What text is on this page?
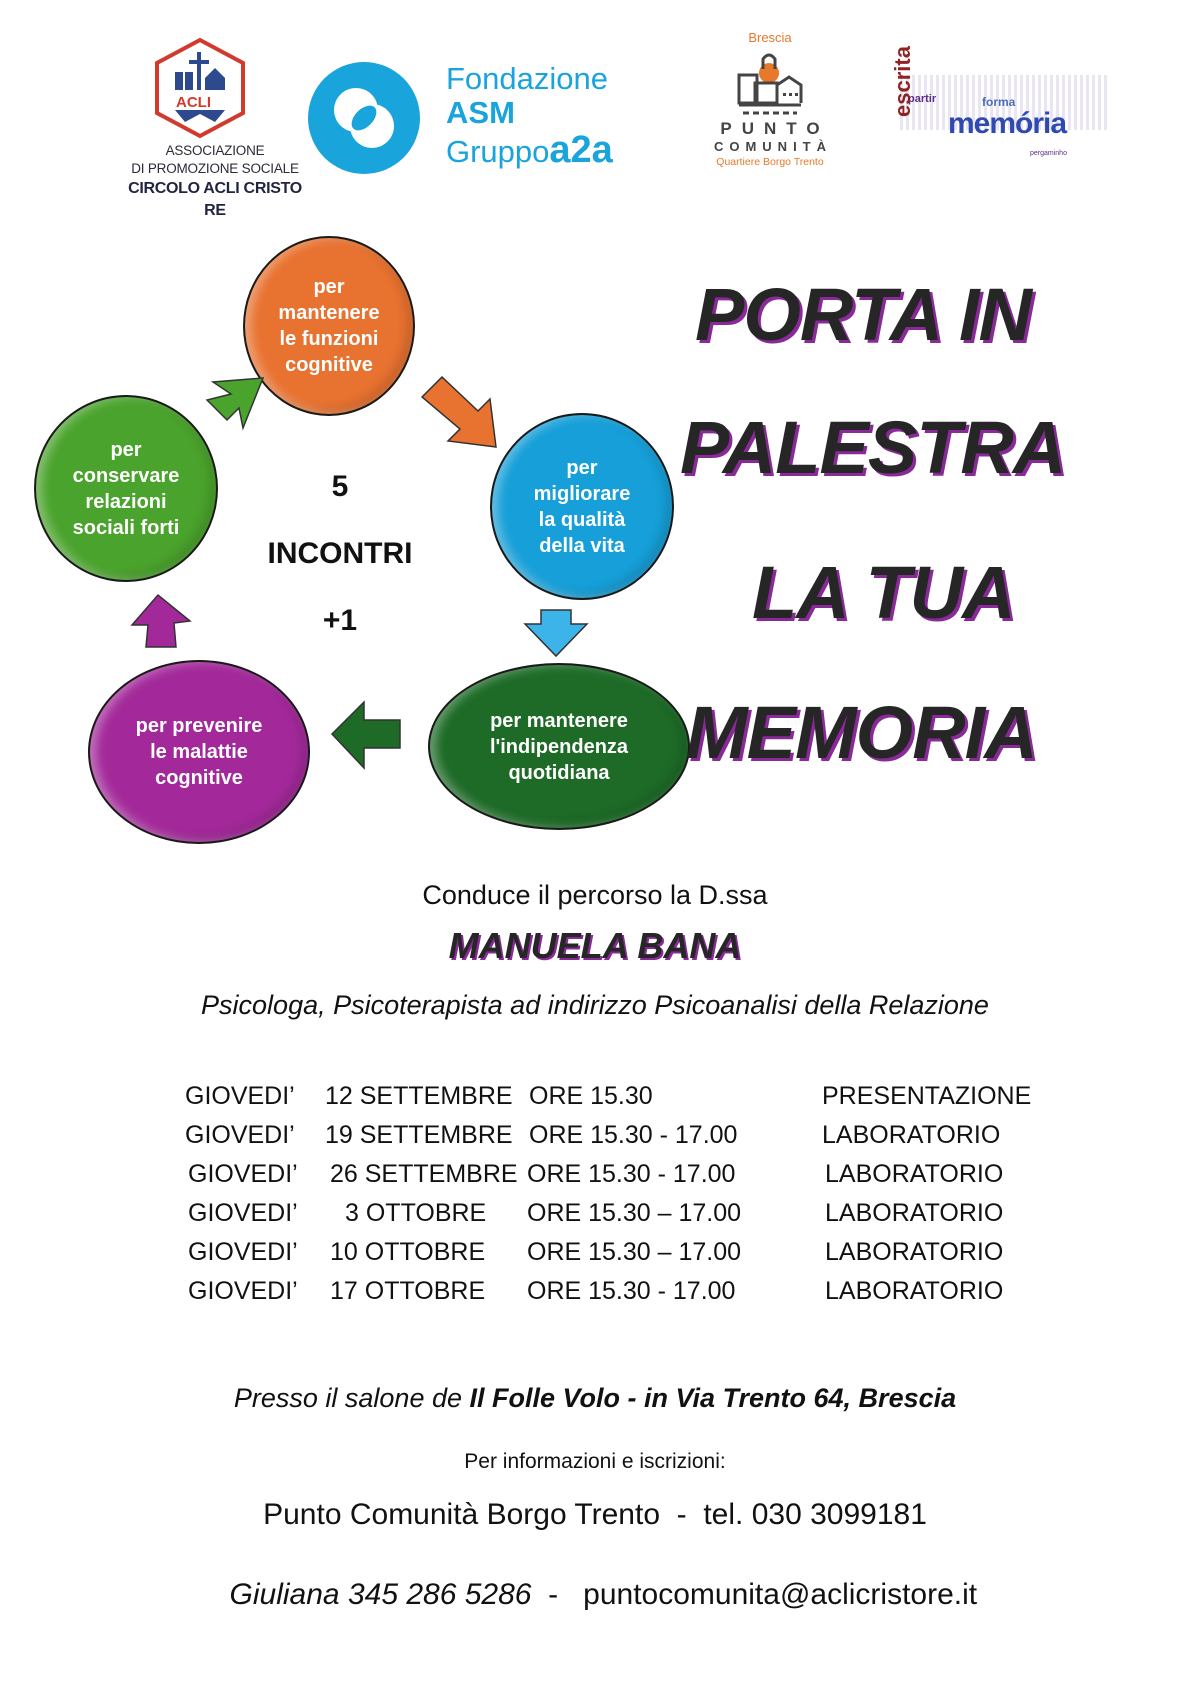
ACLI
ASSOCIAZIONE
DI PROMOZIONE SOCIALE
CIRCOLO ACLI CRISTO RE
Fondazione
ASM
Gruppoa2a
Brescia
PUNTO
COMUNITÀ
Quartiere Borgo Trento
partir
memória
escrita	forma
pergaminho
per
mantenere
le funzioni
cognitive
per
migliorare
la qualità
della vita
per mantenere
l'indipendenza
quotidiana
per prevenire
le malattie
cognitive
per
conservare
relazioni
sociali forti
5
INCONTRI
+1
PORTA IN
PALESTRA
LA TUA
MEMORIA
Conduce il percorso la D.ssa
MANUELA BANA
Psicologa, Psicoterapista ad indirizzo Psicoanalisi della Relazione
GIOVEDI’ 12 SETTEMBRE ORE 15.30	PRESENTAZIONE
GIOVEDI’ 19 SETTEMBRE ORE 15.30 - 17.00	LABORATORIO
GIOVEDI’ 26 SETTEMBRE ORE 15.30 - 17.00	LABORATORIO
GIOVEDI’ 3 OTTOBRE ORE 15.30 – 17.00	LABORATORIO
GIOVEDI’ 10 OTTOBRE ORE 15.30 – 17.00	LABORATORIO
GIOVEDI’ 17 OTTOBRE ORE 15.30 - 17.00	LABORATORIO
Presso il salone de Il Folle Volo - in Via Trento 64, Brescia
Per informazioni e iscrizioni:
Punto Comunità Borgo Trento  -  tel. 030 3099181

Giuliana 345 286 5286  -   puntocomunita@aclicristore.it
